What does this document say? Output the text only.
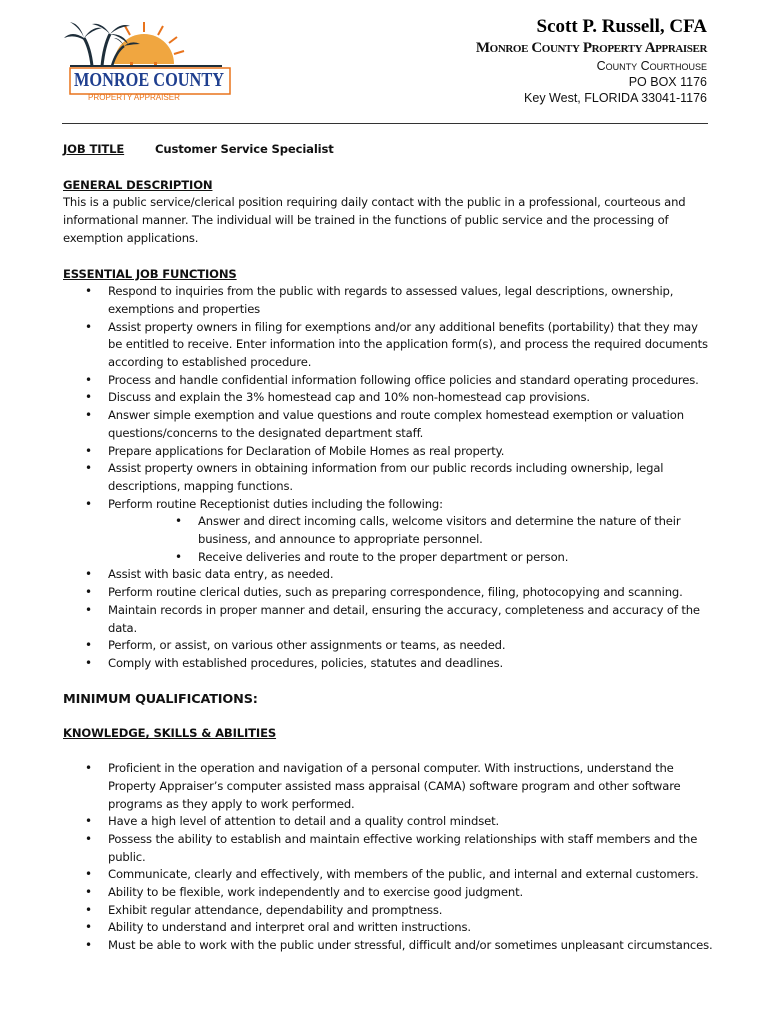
MONROE COUNTY
PROPERTY APPRAISER
Scott P. Russell, CFA
Monroe County Property Appraiser
County Courthouse
PO BOX 1176
Key West, FLORIDA 33041-1176
JOB TITLE	Customer Service Specialist
GENERAL DESCRIPTION

This is a public service/clerical position requiring daily contact with the public in a professional, courteous and informational manner. The individual will be trained in the functions of public service and the processing of exemption applications.

ESSENTIAL JOB FUNCTIONS
• Respond to inquiries from the public with regards to assessed values, legal descriptions, ownership, exemptions and properties
• Assist property owners in filing for exemptions and/or any additional benefits (portability) that they may be entitled to receive. Enter information into the application form(s), and process the required documents according to established procedure.
• Process and handle confidential information following office policies and standard operating procedures.
• Discuss and explain the 3% homestead cap and 10% non-homestead cap provisions.
• Answer simple exemption and value questions and route complex homestead exemption or valuation questions/concerns to the designated department staff.
• Prepare applications for Declaration of Mobile Homes as real property.
• Assist property owners in obtaining information from our public records including ownership, legal descriptions, mapping functions.
• Perform routine Receptionist duties including the following:
• Answer and direct incoming calls, welcome visitors and determine the nature of their business, and announce to appropriate personnel.
• Receive deliveries and route to the proper department or person.
• Assist with basic data entry, as needed.
• Perform routine clerical duties, such as preparing correspondence, filing, photocopying and scanning.
• Maintain records in proper manner and detail, ensuring the accuracy, completeness and accuracy of the data.
• Perform, or assist, on various other assignments or teams, as needed.
• Comply with established procedures, policies, statutes and deadlines.
MINIMUM QUALIFICATIONS:
KNOWLEDGE, SKILLS & ABILITIES
• Proficient in the operation and navigation of a personal computer. With instructions, understand the Property Appraiser’s computer assisted mass appraisal (CAMA) software program and other software programs as they apply to work performed.
• Have a high level of attention to detail and a quality control mindset.
• Possess the ability to establish and maintain effective working relationships with staff members and the public.
• Communicate, clearly and effectively, with members of the public, and internal and external customers.
• Ability to be flexible, work independently and to exercise good judgment.
• Exhibit regular attendance, dependability and promptness.
• Ability to understand and interpret oral and written instructions.
• Must be able to work with the public under stressful, difficult and/or sometimes unpleasant circumstances.
